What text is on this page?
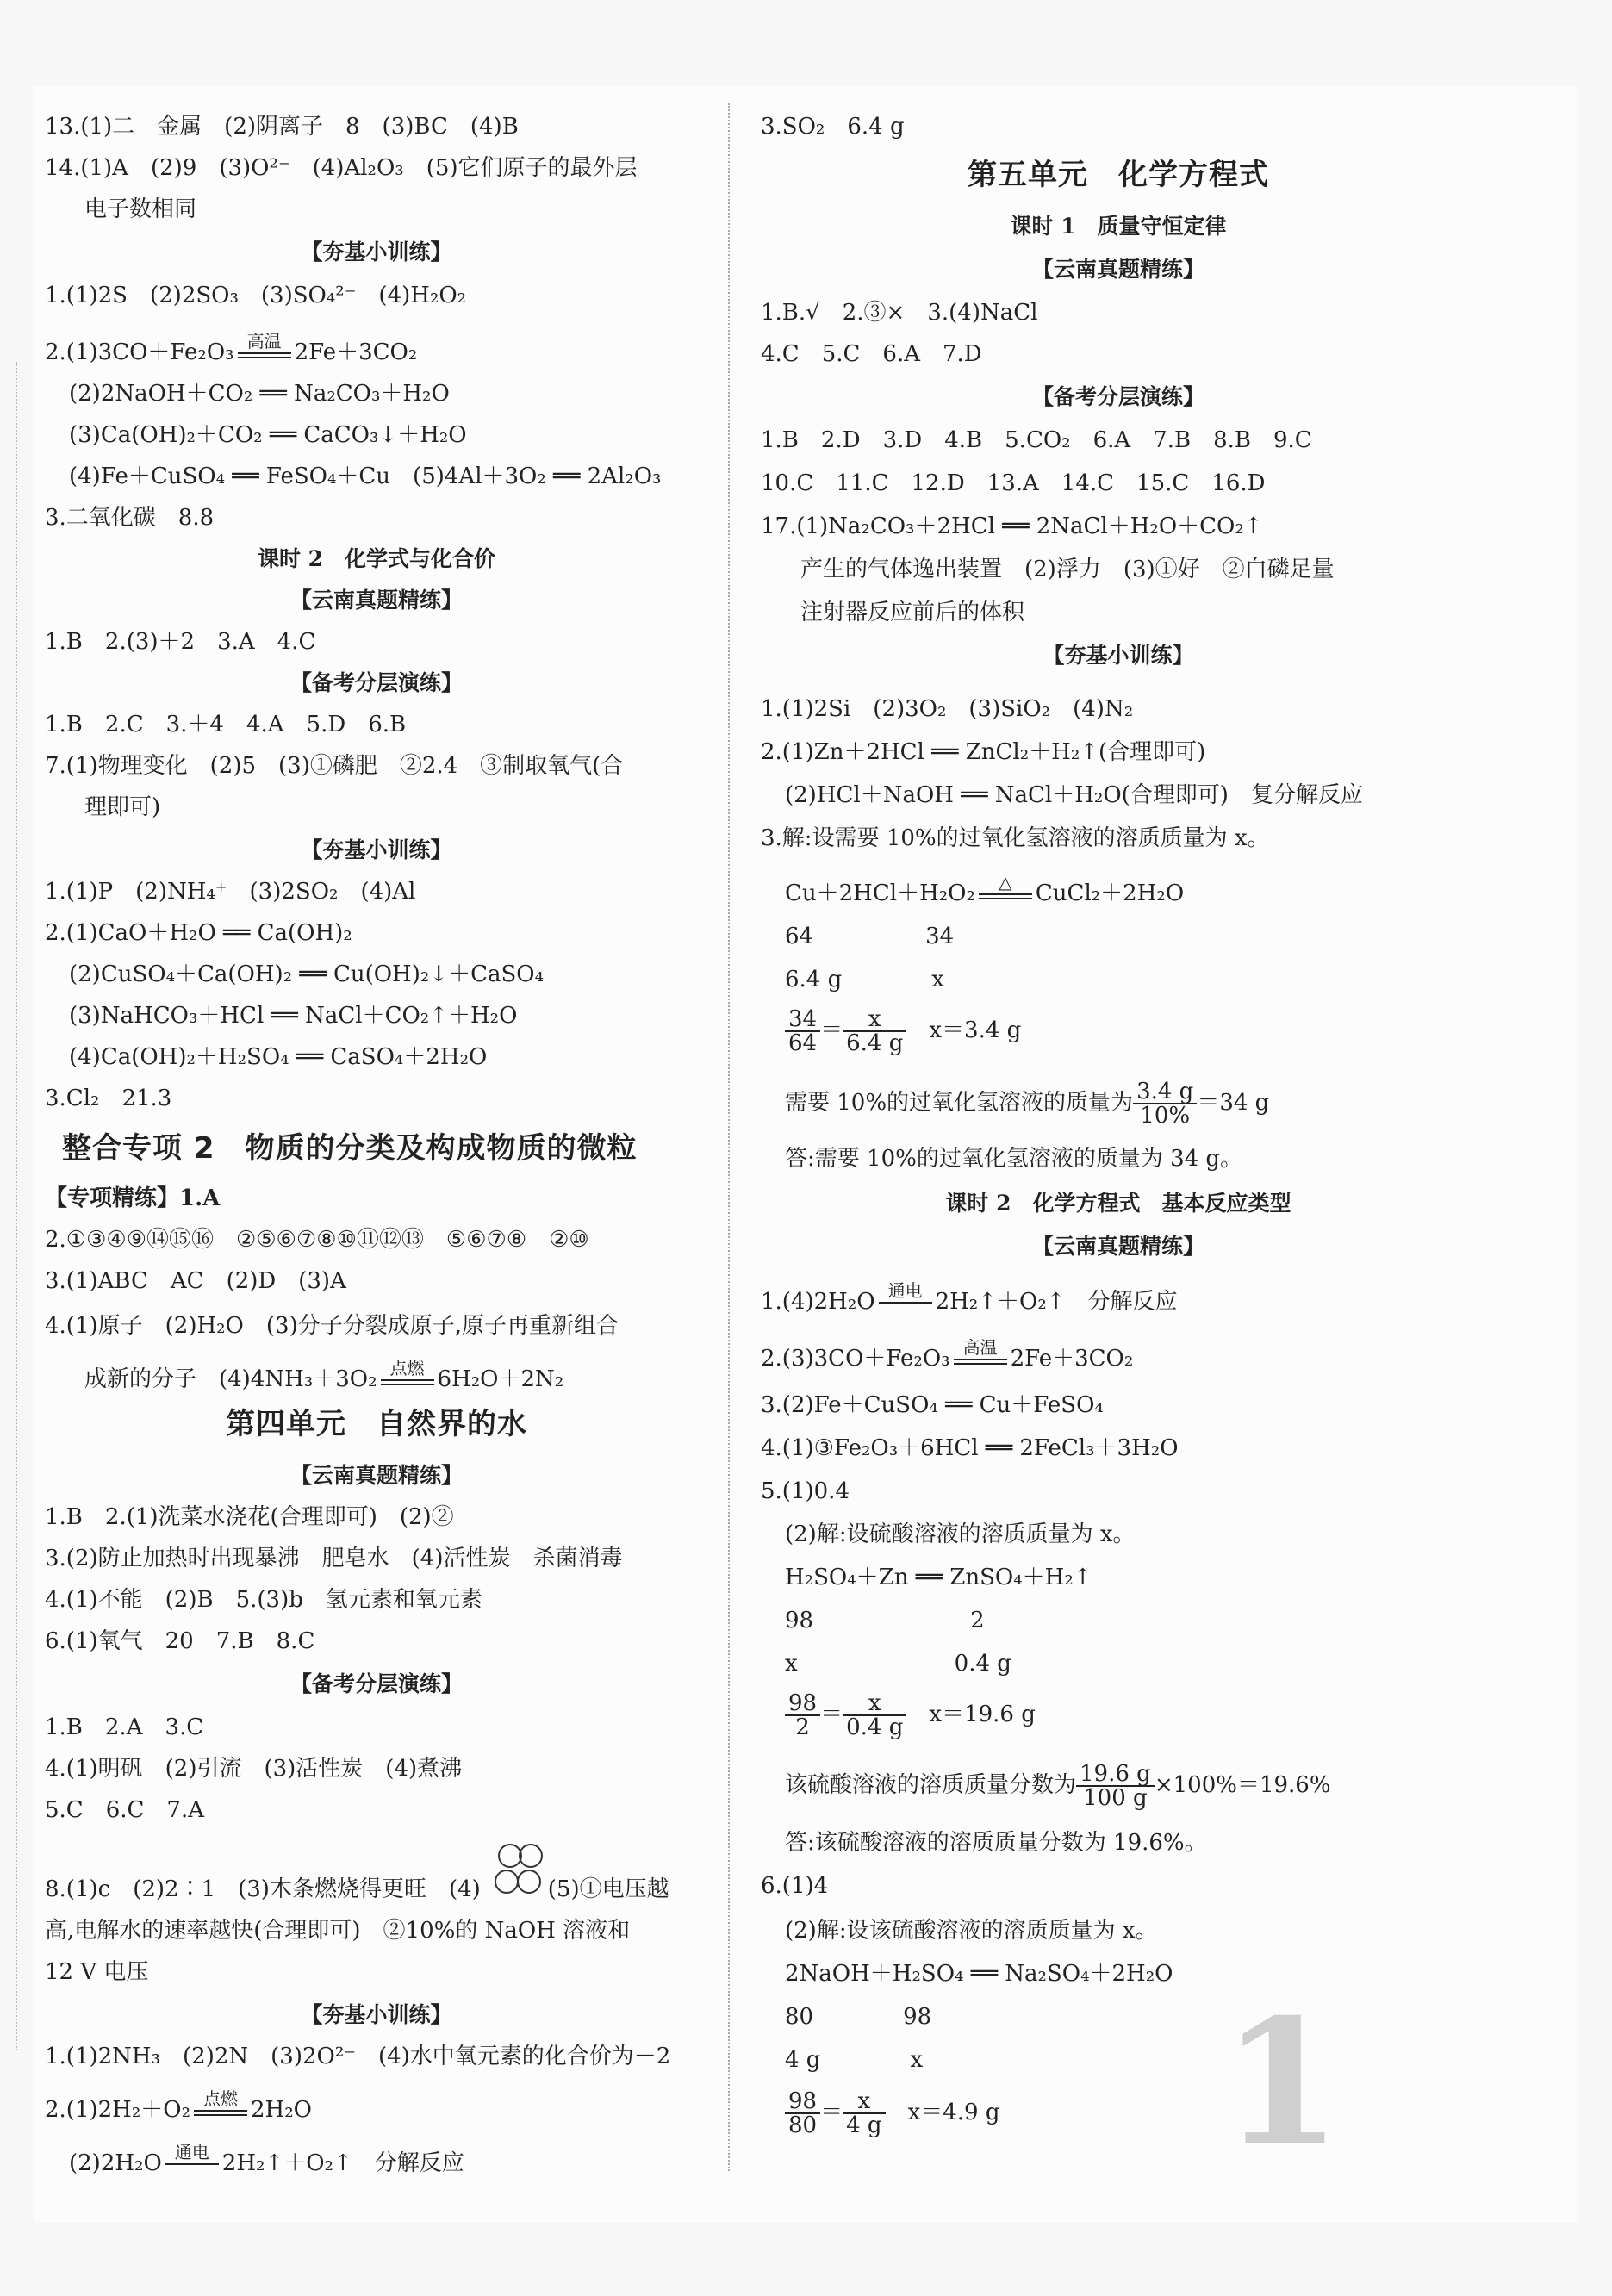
13.(1)二　金属　(2)阴离子　8　(3)BC　(4)B
14.(1)A　(2)9　(3)O²⁻　(4)Al₂O₃　(5)它们原子的最外层
电子数相同
【夯基小训练】
1.(1)2S　(2)2SO₃　(3)SO₄²⁻　(4)H₂O₂
2.(1)3CO＋Fe₂O₃ 高温 2Fe＋3CO₂
(2)2NaOH＋CO₂ ══ Na₂CO₃＋H₂O
(3)Ca(OH)₂＋CO₂ ══ CaCO₃↓＋H₂O
(4)Fe＋CuSO₄ ══ FeSO₄＋Cu　(5)4Al＋3O₂ ══ 2Al₂O₃
3.二氧化碳　8.8
课时 2　化学式与化合价
【云南真题精练】
1.B　2.(3)＋2　3.A　4.C
【备考分层演练】
1.B　2.C　3.＋4　4.A　5.D　6.B
7.(1)物理变化　(2)5　(3)①磷肥　②2.4　③制取氧气(合
理即可)
【夯基小训练】
1.(1)P　(2)NH₄⁺　(3)2SO₂　(4)Al
2.(1)CaO＋H₂O ══ Ca(OH)₂
(2)CuSO₄＋Ca(OH)₂ ══ Cu(OH)₂↓＋CaSO₄
(3)NaHCO₃＋HCl ══ NaCl＋CO₂↑＋H₂O
(4)Ca(OH)₂＋H₂SO₄ ══ CaSO₄＋2H₂O
3.Cl₂　21.3
整合专项 2　物质的分类及构成物质的微粒
【专项精练】1.A
2.①③④⑨⑭⑮⑯　②⑤⑥⑦⑧⑩⑪⑫⑬　⑤⑥⑦⑧　②⑩
3.(1)ABC　AC　(2)D　(3)A
4.(1)原子　(2)H₂O　(3)分子分裂成原子,原子再重新组合
成新的分子　(4)4NH₃＋3O₂ 点燃 6H₂O＋2N₂
第四单元　自然界的水
【云南真题精练】
1.B　2.(1)洗菜水浇花(合理即可)　(2)②
3.(2)防止加热时出现暴沸　肥皂水　(4)活性炭　杀菌消毒
4.(1)不能　(2)B　5.(3)b　氢元素和氧元素
6.(1)氧气　20　7.B　8.C
【备考分层演练】
1.B　2.A　3.C
4.(1)明矾　(2)引流　(3)活性炭　(4)煮沸
5.C　6.C　7.A
8.(1)c　(2)2∶1　(3)木条燃烧得更旺　(4)　　　(5)①电压越
高,电解水的速率越快(合理即可)　②10%的 NaOH 溶液和
12 V 电压
【夯基小训练】
1.(1)2NH₃　(2)2N　(3)2O²⁻　(4)水中氧元素的化合价为－2
2.(1)2H₂＋O₂ 点燃 2H₂O
(2)2H₂O 通电 2H₂↑＋O₂↑　分解反应
3.SO₂　6.4 g
第五单元　化学方程式
课时 1　质量守恒定律
【云南真题精练】
1.B.√　2.③×　3.(4)NaCl
4.C　5.C　6.A　7.D
【备考分层演练】
1.B　2.D　3.D　4.B　5.CO₂　6.A　7.B　8.B　9.C
10.C　11.C　12.D　13.A　14.C　15.C　16.D
17.(1)Na₂CO₃＋2HCl ══ 2NaCl＋H₂O＋CO₂↑
产生的气体逸出装置　(2)浮力　(3)①好　②白磷足量
注射器反应前后的体积
【夯基小训练】
1.(1)2Si　(2)3O₂　(3)SiO₂　(4)N₂
2.(1)Zn＋2HCl ══ ZnCl₂＋H₂↑(合理即可)
(2)HCl＋NaOH ══ NaCl＋H₂O(合理即可)　复分解反应
3.解:设需要 10%的过氧化氢溶液的溶质质量为 x。
Cu＋2HCl＋H₂O₂	△	CuCl₂＋2H₂O
64　　　　　34
6.4 g　　　　x
$\frac{34}{64} = \frac{x}{6.4 g}$
　 x＝3.4 g
需要 10%的过氧化氢溶液的质量为 $\frac{3.4 g}{10\%} =34$ g
答:需要 10%的过氧化氢溶液的质量为 34 g。
课时 2　化学方程式　基本反应类型
【云南真题精练】
1.(4)2H₂O 通电 2H₂↑＋O₂↑　分解反应
2.(3)3CO＋Fe₂O₃ 高温 2Fe＋3CO₂
3.(2)Fe＋CuSO₄ ══ Cu＋FeSO₄
4.(1)③Fe₂O₃＋6HCl ══ 2FeCl₃＋3H₂O
5.(1)0.4
(2)解:设硫酸溶液的溶质质量为 x。
H₂SO₄＋Zn ══ ZnSO₄＋H₂↑
98　　　　　　　2
x　　　　　　　0.4 g
$\frac{98}{2} = \frac{x}{0.4 g}$
　 x＝19.6 g
该硫酸溶液的溶质质量分数为 $\frac{19.6 g}{100 g} \times 100\%=19.6\%$
答:该硫酸溶液的溶质质量分数为 19.6%。
6.(1)4
(2)解:设该硫酸溶液的溶质质量为 x。
2NaOH＋H₂SO₄ ══ Na₂SO₄＋2H₂O
80　　　　98
4 g　　　　x
$\frac{98}{80} = \frac{x}{4 g}$
　 x＝4.9 g 1
